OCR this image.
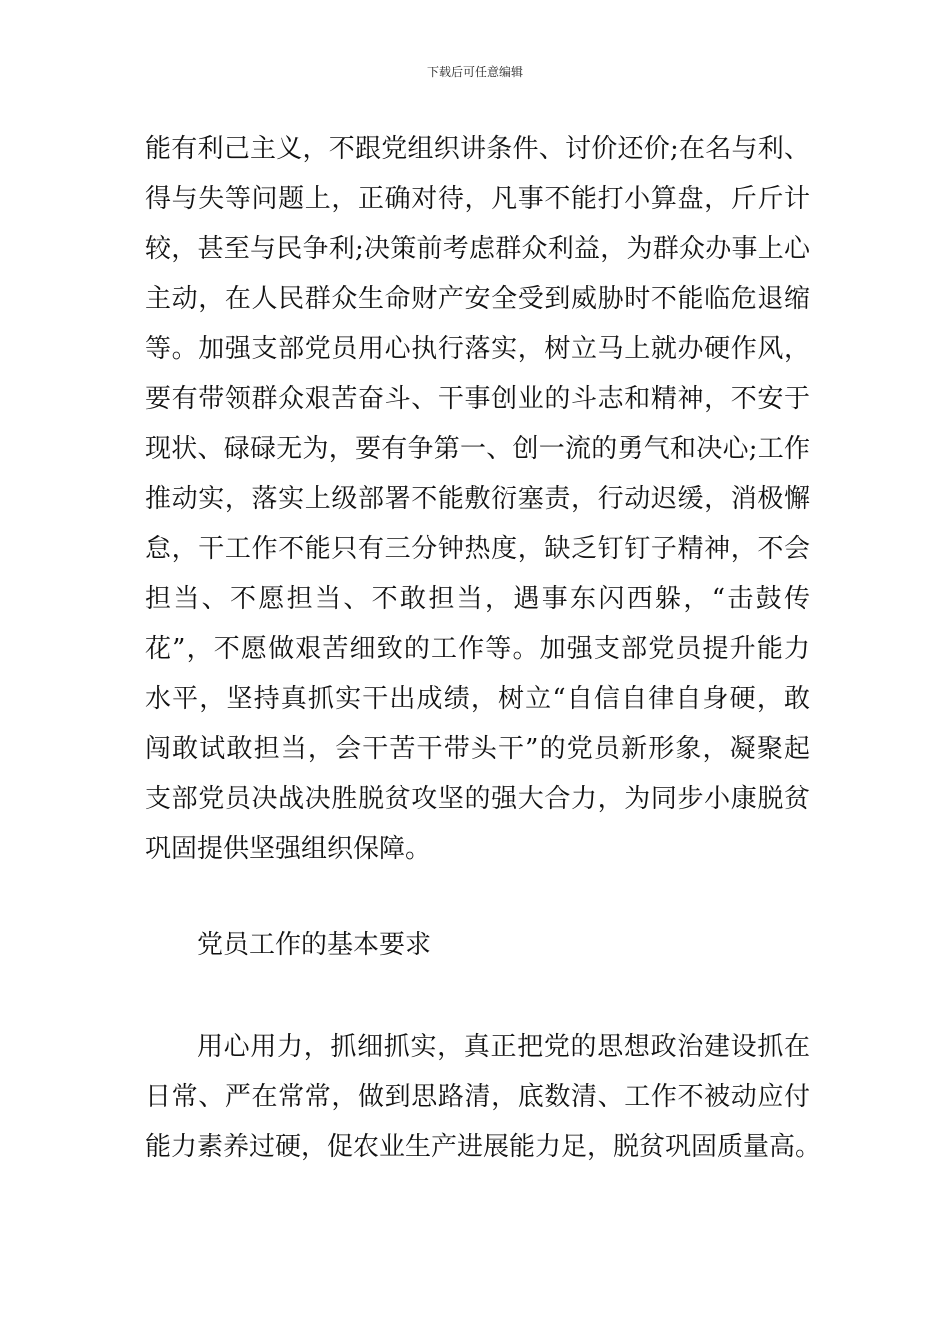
下载后可任意编辑
能有利己主义，不跟党组织讲条件、讨价还价;在名与利、
得与失等问题上，正确对待，凡事不能打小算盘，斤斤计
较，甚至与民争利;决策前考虑群众利益，为群众办事上心
主动，在人民群众生命财产安全受到威胁时不能临危退缩
等。加强支部党员用心执行落实，树立马上就办硬作风，
要有带领群众艰苦奋斗、干事创业的斗志和精神，不安于
现状、碌碌无为，要有争第一、创一流的勇气和决心;工作
推动实，落实上级部署不能敷衍塞责，行动迟缓，消极懈
怠，干工作不能只有三分钟热度，缺乏钉钉子精神，不会
担当、不愿担当、不敢担当，遇事东闪西躲，“击鼓传
花”，不愿做艰苦细致的工作等。加强支部党员提升能力
水平，坚持真抓实干出成绩，树立“自信自律自身硬，敢
闯敢试敢担当，会干苦干带头干”的党员新形象，凝聚起
支部党员决战决胜脱贫攻坚的强大合力，为同步小康脱贫
巩固提供坚强组织保障。
党员工作的基本要求
用心用力，抓细抓实，真正把党的思想政治建设抓在
日常、严在常常，做到思路清，底数清、工作不被动应付
能力素养过硬，促农业生产进展能力足，脱贫巩固质量高。
